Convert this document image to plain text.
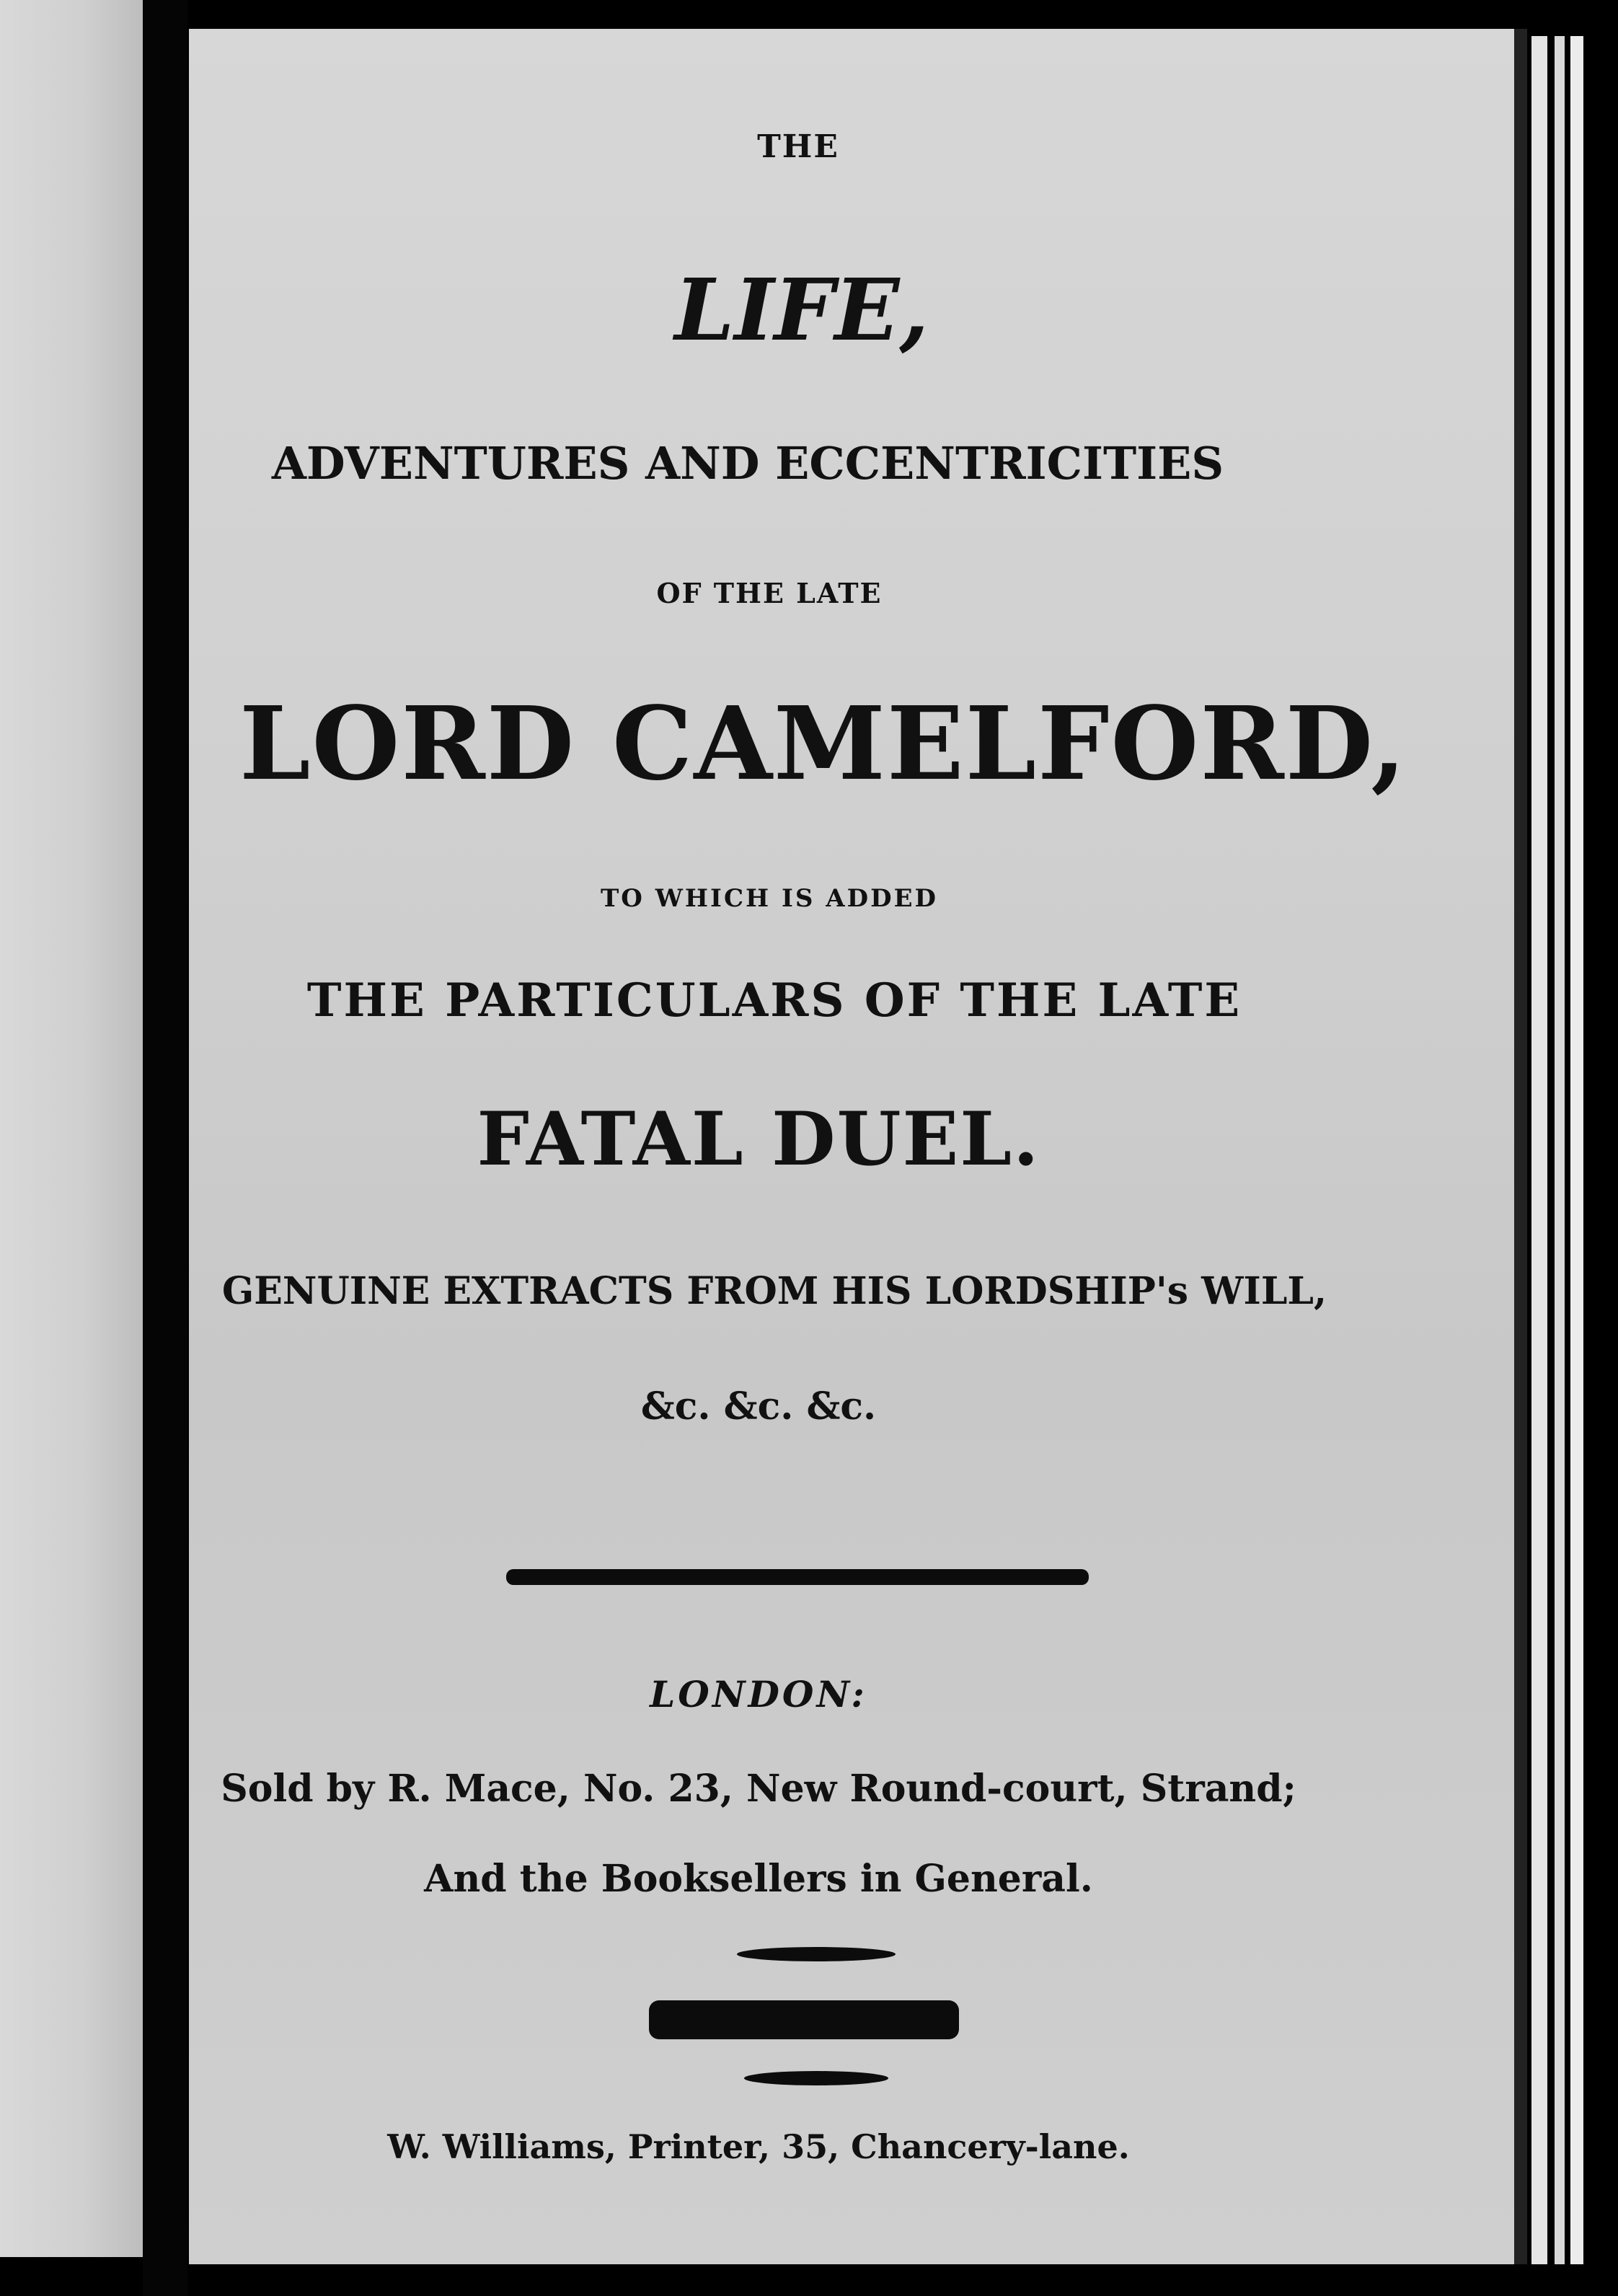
THE
LIFE,
ADVENTURES AND ECCENTRICITIES
OF THE LATE
LORD CAMELFORD,
TO WHICH IS ADDED
THE PARTICULARS OF THE LATE
FATAL DUEL.
GENUINE EXTRACTS FROM HIS LORDSHIP's WILL,
&c. &c. &c.
LONDON:
Sold by R. Mace, No. 23, New Round-court, Strand;
And the Booksellers in General.
W. Williams, Printer, 35, Chancery-lane.
